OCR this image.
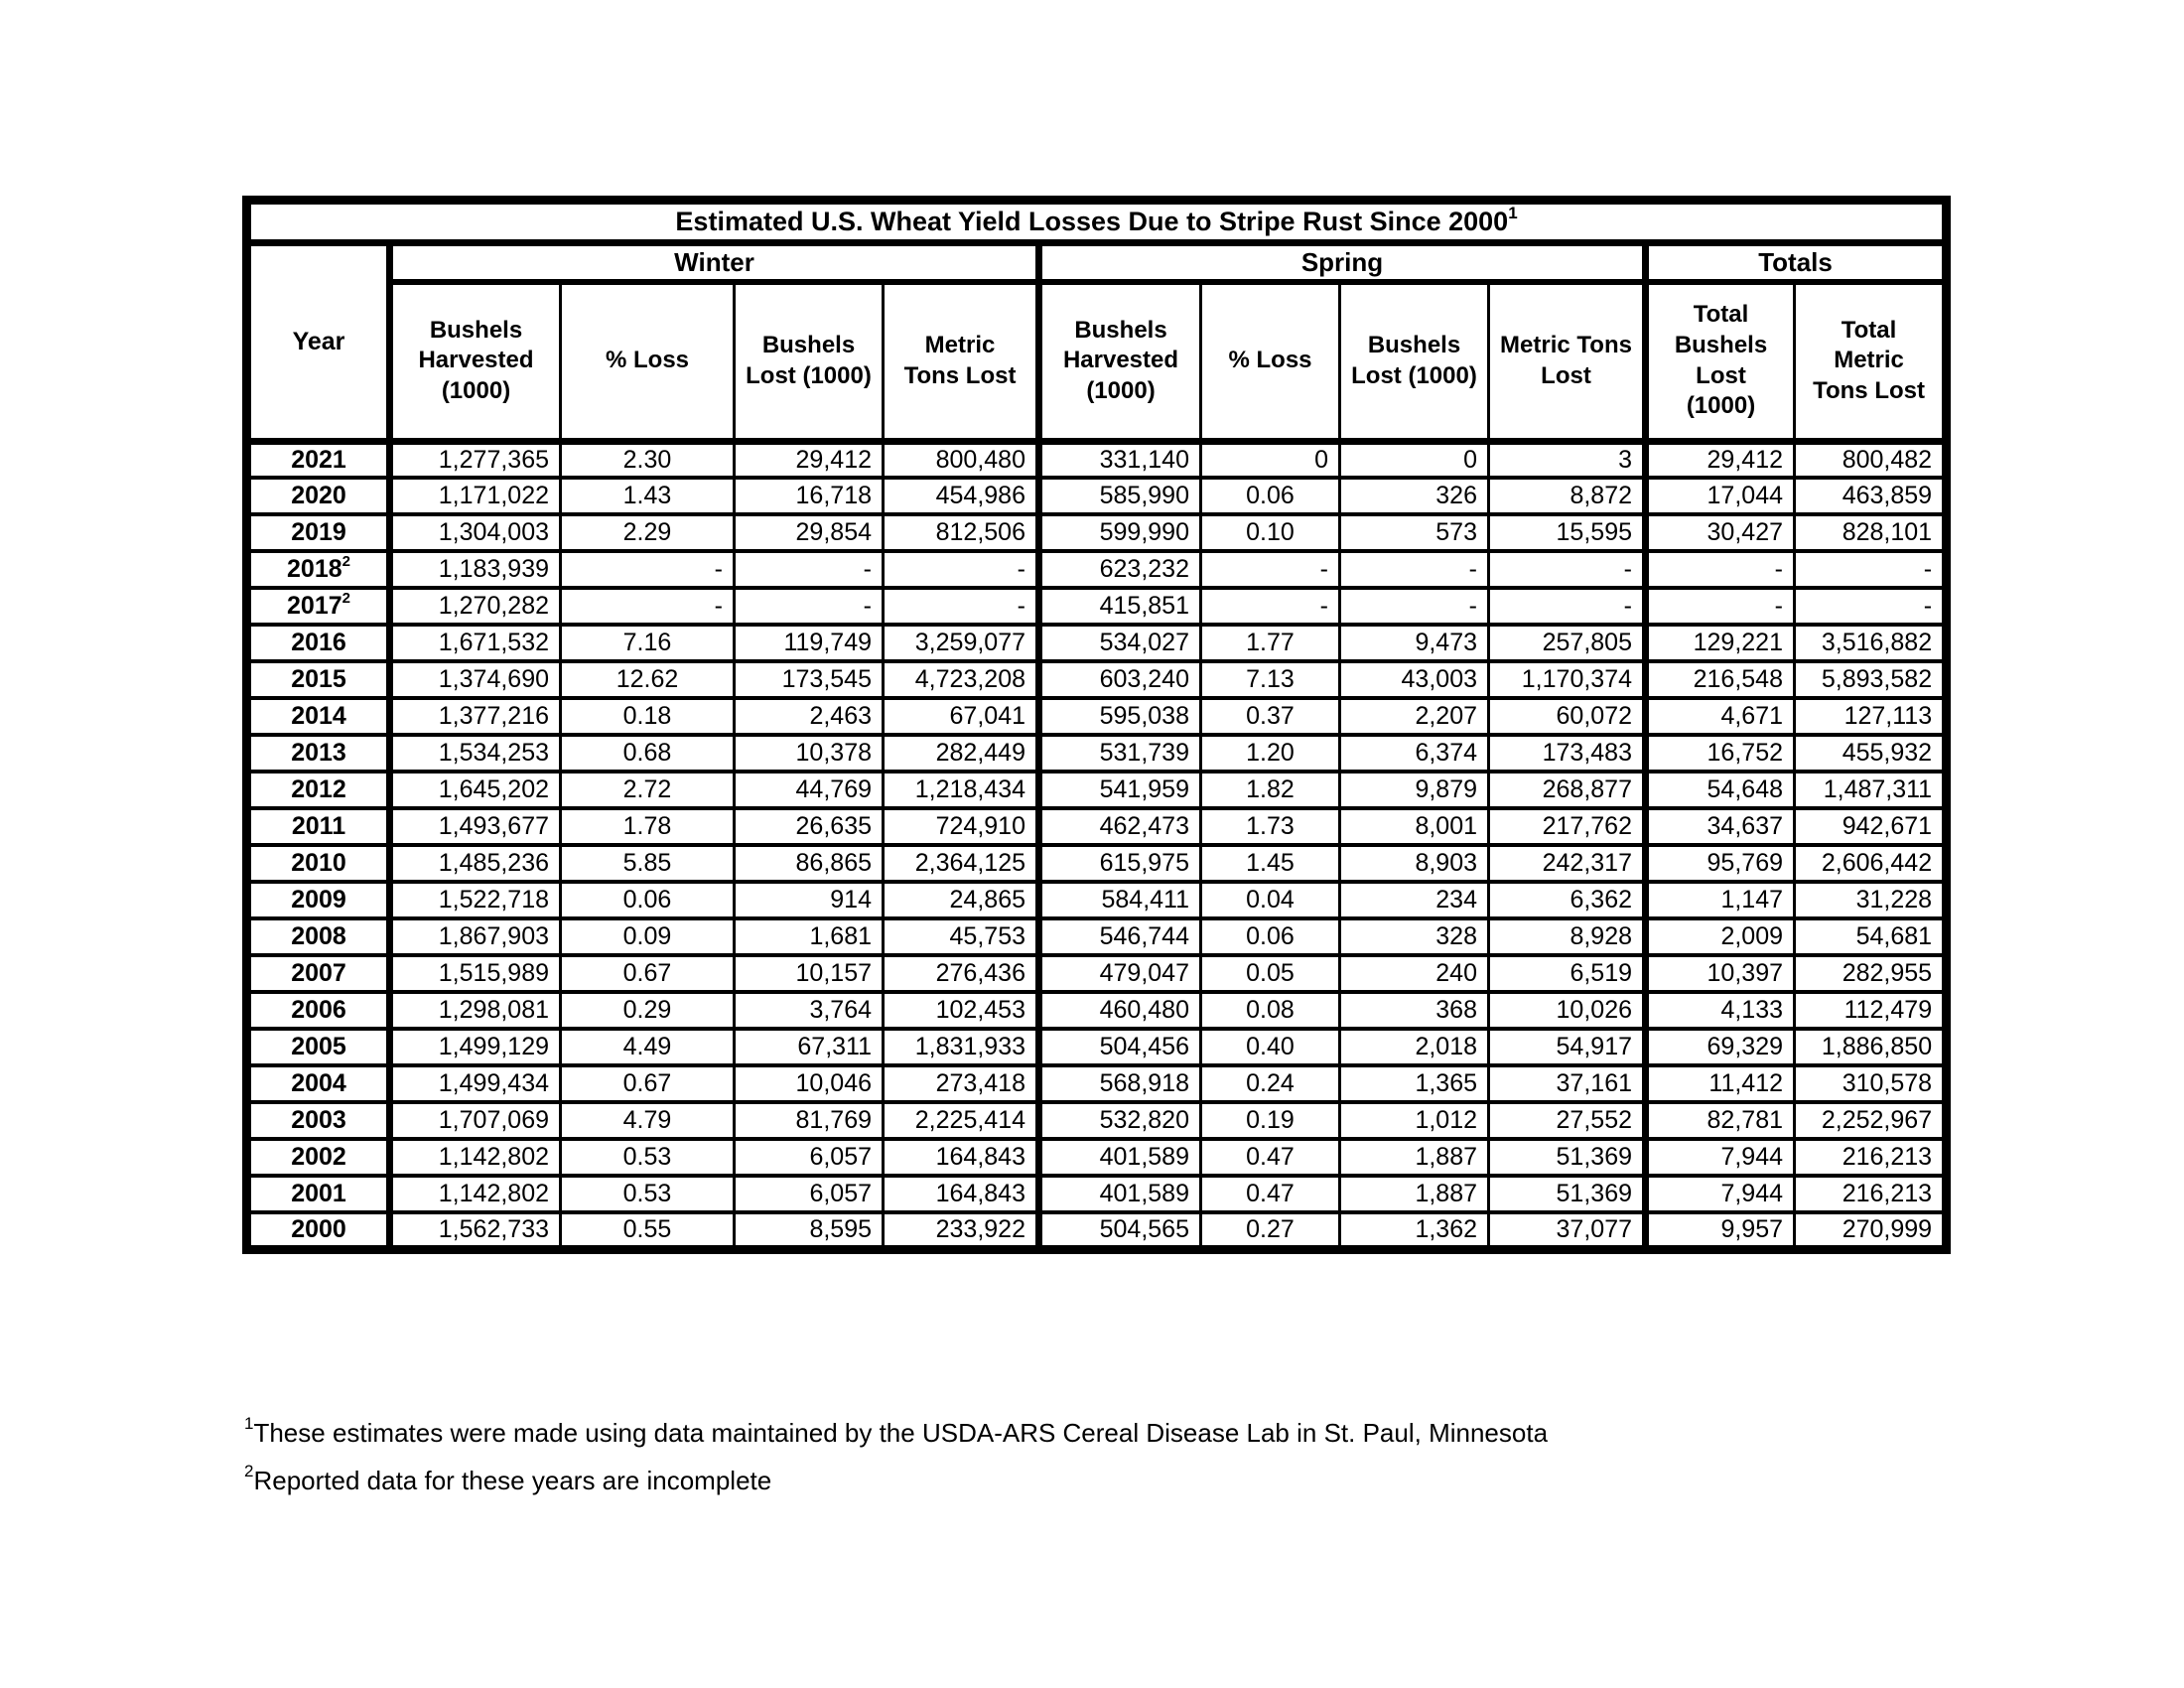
Estimated U.S. Wheat Yield Losses Due to Stripe Rust Since 2000$^1$
Year	Winter				Spring				Totals	
	Bushels Harvested (1000)	% Loss	Bushels Lost (1000)	Metric Tons Lost	Bushels Harvested (1000)	% Loss	Bushels Lost (1000)	Metric Tons Lost	Total Bushels Lost (1000)	Total Metric Tons Lost
2021	1,277,365	2.30	29,412	800,480	331,140	0	0	3	29,412	800,482
2020	1,171,022	1.43	16,718	454,986	585,990	0.06	326	8,872	17,044	463,859
2019	1,304,003	2.29	29,854	812,506	599,990	0.10	573	15,595	30,427	828,101
2018$^2$	1,183,939	-	-	-	623,232	-	-	-	-	-
2017$^2$	1,270,282	-	-	-	415,851	-	-	-	-	-
2016	1,671,532	7.16	119,749	3,259,077	534,027	1.77	9,473	257,805	129,221	3,516,882
2015	1,374,690	12.62	173,545	4,723,208	603,240	7.13	43,003	1,170,374	216,548	5,893,582
2014	1,377,216	0.18	2,463	67,041	595,038	0.37	2,207	60,072	4,671	127,113
2013	1,534,253	0.68	10,378	282,449	531,739	1.20	6,374	173,483	16,752	455,932
2012	1,645,202	2.72	44,769	1,218,434	541,959	1.82	9,879	268,877	54,648	1,487,311
2011	1,493,677	1.78	26,635	724,910	462,473	1.73	8,001	217,762	34,637	942,671
2010	1,485,236	5.85	86,865	2,364,125	615,975	1.45	8,903	242,317	95,769	2,606,442
2009	1,522,718	0.06	914	24,865	584,411	0.04	234	6,362	1,147	31,228
2008	1,867,903	0.09	1,681	45,753	546,744	0.06	328	8,928	2,009	54,681
2007	1,515,989	0.67	10,157	276,436	479,047	0.05	240	6,519	10,397	282,955
2006	1,298,081	0.29	3,764	102,453	460,480	0.08	368	10,026	4,133	112,479
2005	1,499,129	4.49	67,311	1,831,933	504,456	0.40	2,018	54,917	69,329	1,886,850
2004	1,499,434	0.67	10,046	273,418	568,918	0.24	1,365	37,161	11,412	310,578
2003	1,707,069	4.79	81,769	2,225,414	532,820	0.19	1,012	27,552	82,781	2,252,967
2002	1,142,802	0.53	6,057	164,843	401,589	0.47	1,887	51,369	7,944	216,213
2001	1,142,802	0.53	6,057	164,843	401,589	0.47	1,887	51,369	7,944	216,213
2000	1,562,733	0.55	8,595	233,922	504,565	0.27	1,362	37,077	9,957	270,999

$^1$These estimates were made using data maintained by the USDA-ARS Cereal Disease Lab in St. Paul, Minnesota

$^2$Reported data for these years are incomplete
